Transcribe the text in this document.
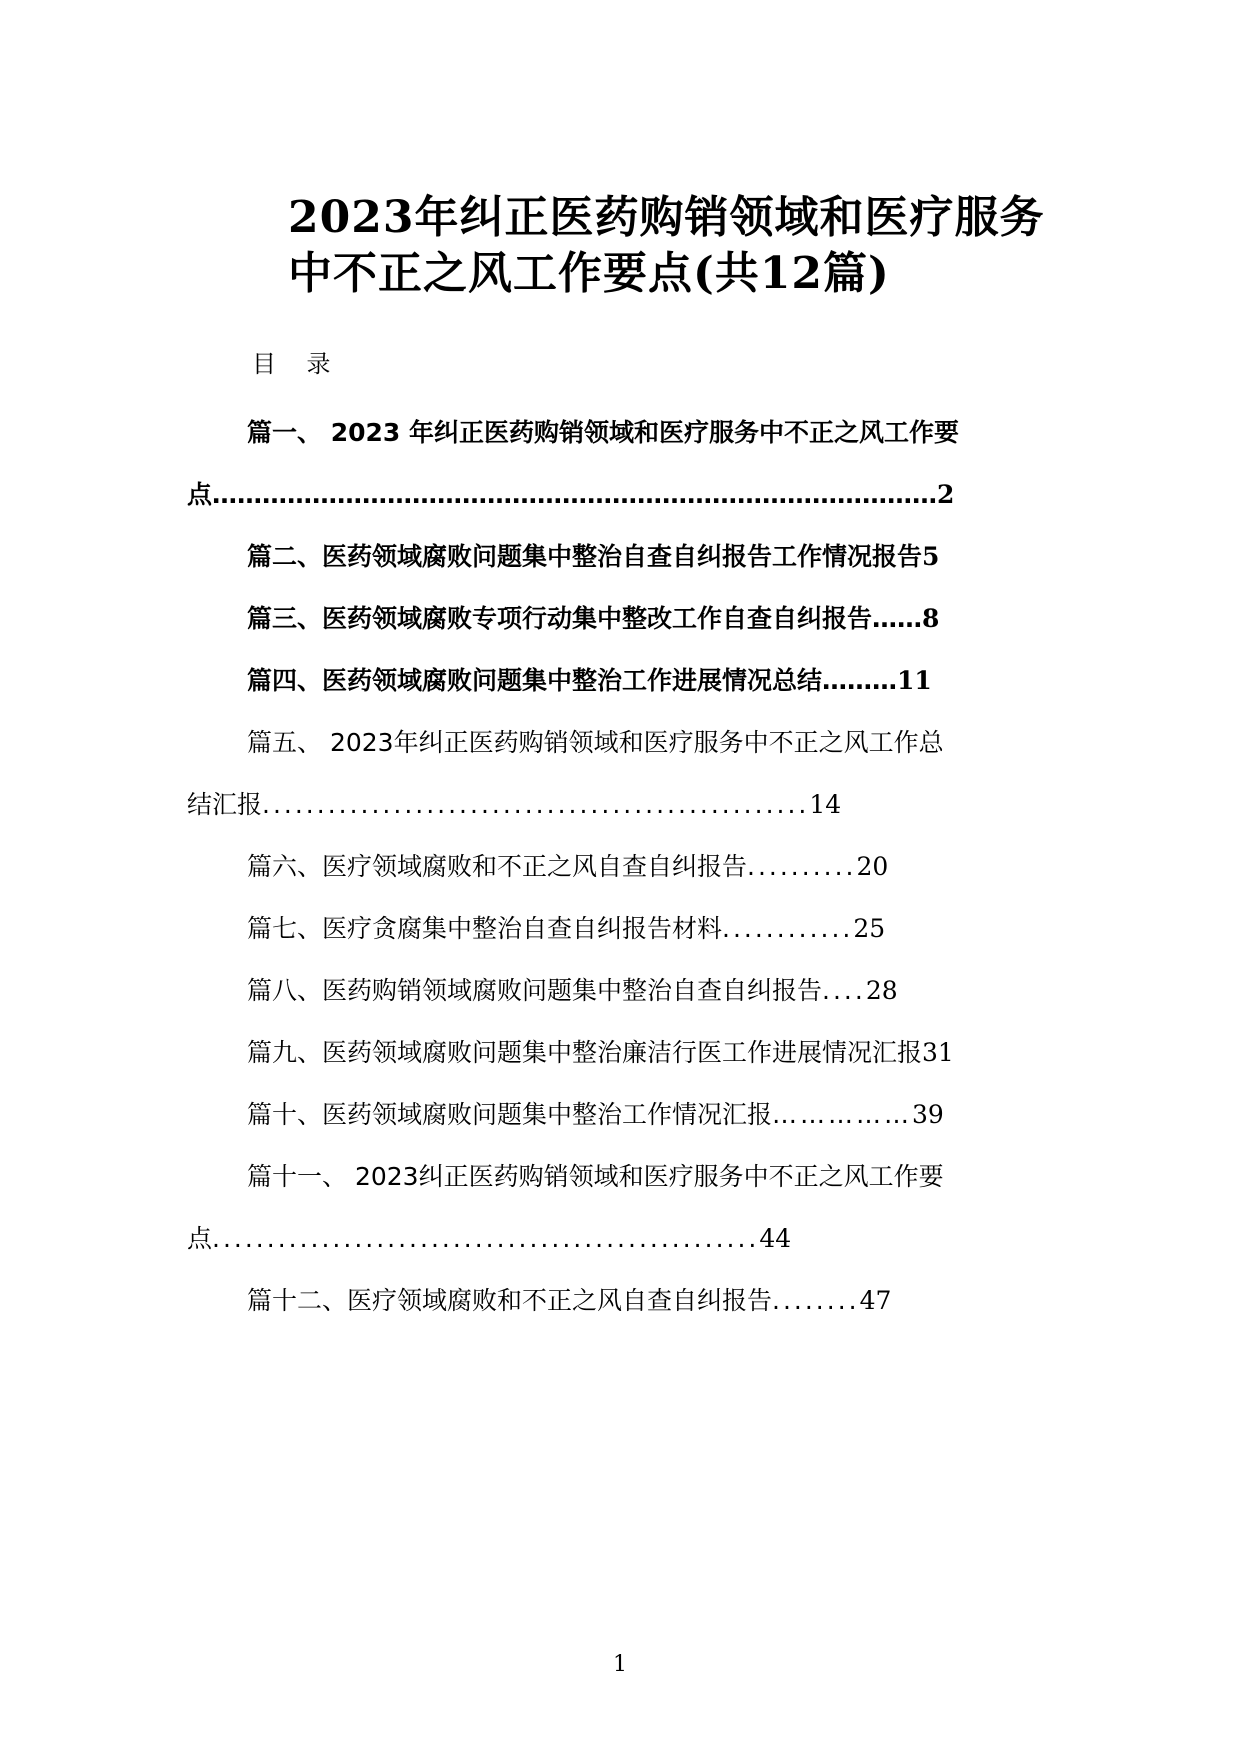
2023年纠正医药购销领域和医疗服务
中不正之风工作要点(共12篇)
目    录
篇一、 2023 年纠正医药购销领域和医疗服务中不正之风工作要
点 …………………………………………………………………………… 2
篇二、医药领域腐败问题集中整治自查自纠报告工作情况报告 5
篇三、医药领域腐败专项行动集中整改工作自查自纠报告 …… 8
篇四、医药领域腐败问题集中整治工作进展情况总结 ……… 11
篇五、 2023年纠正医药购销领域和医疗服务中不正之风工作总
结汇报 .................................................. 14
篇六、医疗领域腐败和不正之风自查自纠报告 .......... 20
篇七、医疗贪腐集中整治自查自纠报告材料 ............ 25
篇八、医药购销领域腐败问题集中整治自查自纠报告 .... 28
篇九、医药领域腐败问题集中整治廉洁行医工作进展情况汇报 31
篇十、医药领域腐败问题集中整治工作情况汇报 …………… 39
篇十一、 2023纠正医药购销领域和医疗服务中不正之风工作要
点 .................................................. 44
篇十二、医疗领域腐败和不正之风自查自纠报告 ........ 47
1
